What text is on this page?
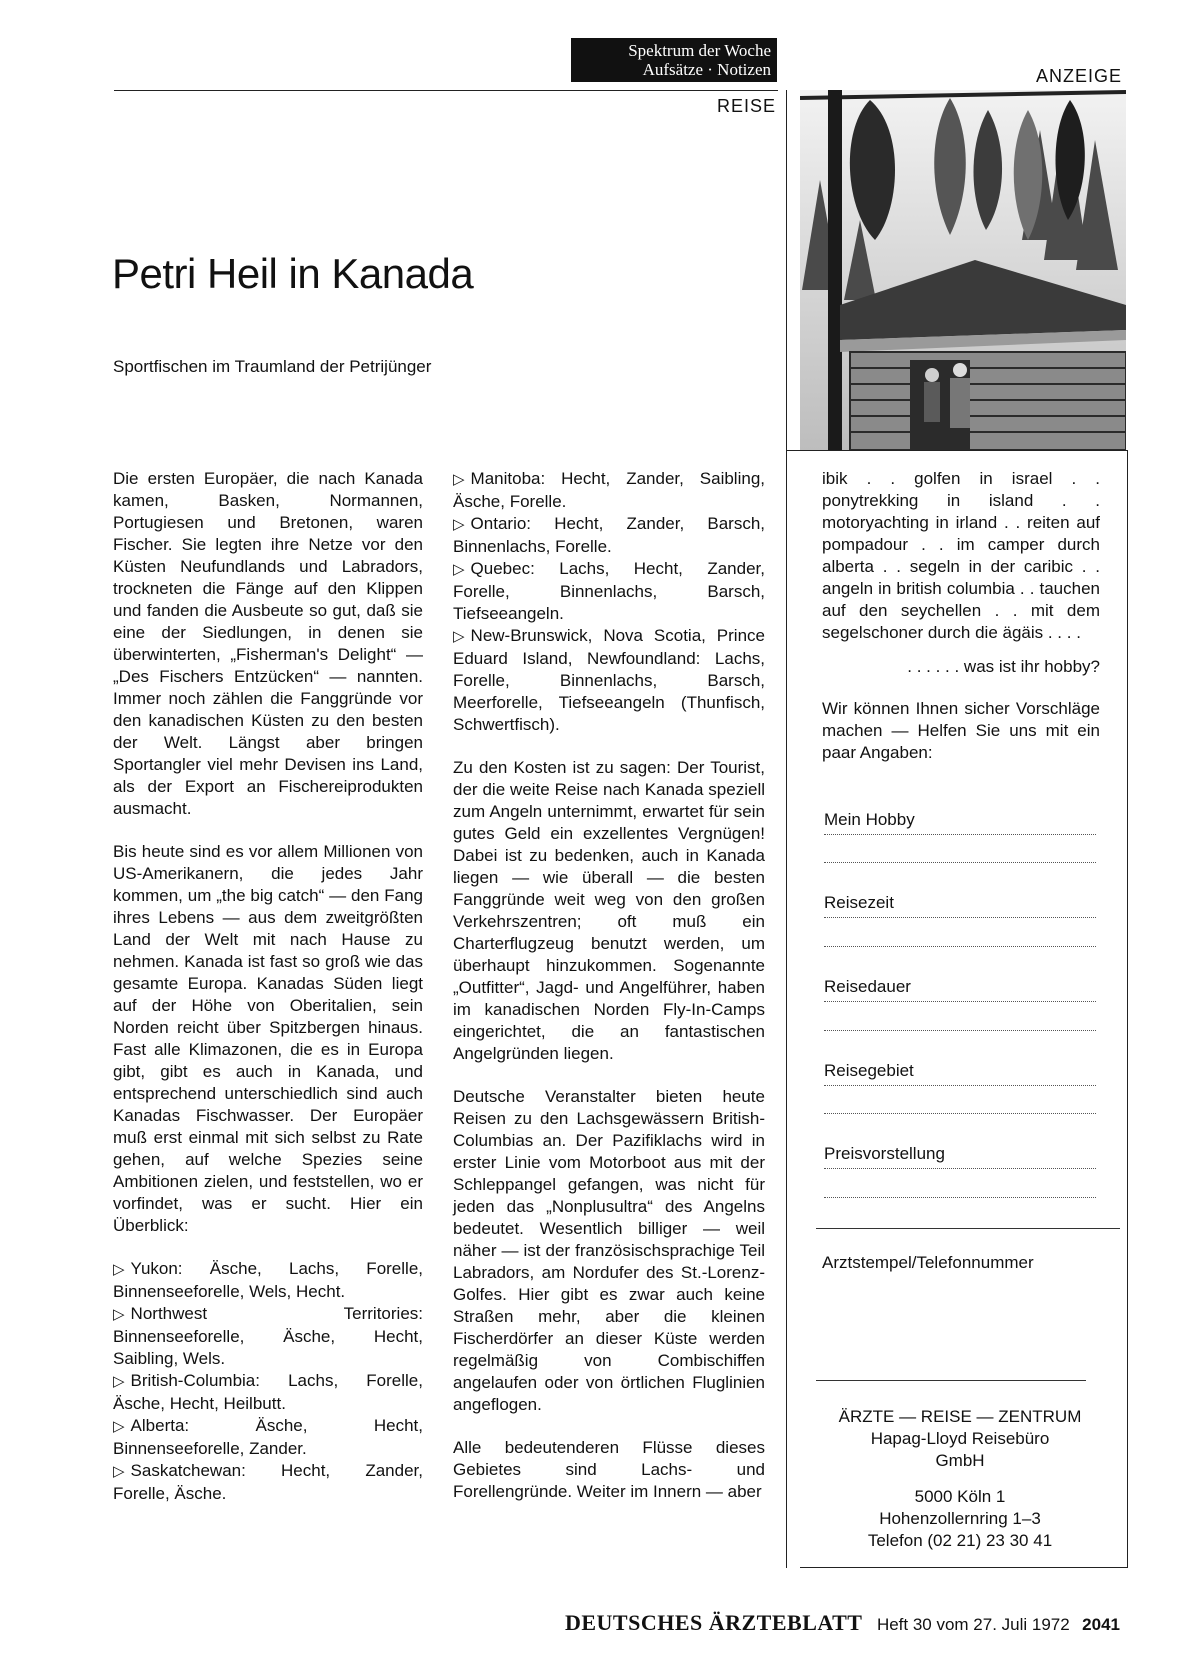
Spektrum der Woche
Aufsätze · Notizen
REISE
ANZEIGE
Petri Heil in Kanada
Sportfischen im Traumland der Petrijünger

Die ersten Europäer, die nach Kanada kamen, Basken, Normannen, Portugiesen und Bretonen, waren Fischer. Sie legten ihre Netze vor den Küsten Neufundlands und Labradors, trockneten die Fänge auf den Klippen und fanden die Ausbeute so gut, daß sie eine der Siedlungen, in denen sie überwinterten, „Fisherman's Delight“ — „Des Fischers Entzücken“ — nannten. Immer noch zählen die Fanggründe vor den kanadischen Küsten zu den besten der Welt. Längst aber bringen Sportangler viel mehr Devisen ins Land, als der Export an Fischereiprodukten ausmacht.

Bis heute sind es vor allem Millionen von US-Amerikanern, die jedes Jahr kommen, um „the big catch“ — den Fang ihres Lebens — aus dem zweitgrößten Land der Welt mit nach Hause zu nehmen. Kanada ist fast so groß wie das gesamte Europa. Kanadas Süden liegt auf der Höhe von Oberitalien, sein Norden reicht über Spitzbergen hinaus. Fast alle Klimazonen, die es in Europa gibt, gibt es auch in Kanada, und entsprechend unterschiedlich sind auch Kanadas Fischwasser. Der Europäer muß erst einmal mit sich selbst zu Rate gehen, auf welche Spezies seine Ambitionen zielen, und feststellen, wo er vorfindet, was er sucht. Hier ein Überblick:

▷ Yukon: Äsche, Lachs, Forelle, Binnenseeforelle, Wels, Hecht.
▷ Northwest Territories: Binnenseeforelle, Äsche, Hecht, Saibling, Wels.
▷ British-Columbia: Lachs, Forelle, Äsche, Hecht, Heilbutt.
▷ Alberta: Äsche, Hecht, Binnenseeforelle, Zander.
▷ Saskatchewan: Hecht, Zander, Forelle, Äsche.
▷ Manitoba: Hecht, Zander, Saibling, Äsche, Forelle.
▷ Ontario: Hecht, Zander, Barsch, Binnenlachs, Forelle.
▷ Quebec: Lachs, Hecht, Zander, Forelle, Binnenlachs, Barsch, Tiefseeangeln.
▷ New-Brunswick, Nova Scotia, Prince Eduard Island, Newfoundland: Lachs, Forelle, Binnenlachs, Barsch, Meerforelle, Tiefseeangeln (Thunfisch, Schwertfisch).

Zu den Kosten ist zu sagen: Der Tourist, der die weite Reise nach Kanada speziell zum Angeln unternimmt, erwartet für sein gutes Geld ein exzellentes Vergnügen! Dabei ist zu bedenken, auch in Kanada liegen — wie überall — die besten Fanggründe weit weg von den großen Verkehrszentren; oft muß ein Charterflugzeug benutzt werden, um überhaupt hinzukommen. Sogenannte „Outfitter“, Jagd- und Angelführer, haben im kanadischen Norden Fly-In-Camps eingerichtet, die an fantastischen Angelgründen liegen.

Deutsche Veranstalter bieten heute Reisen zu den Lachsgewässern British-Columbias an. Der Pazifiklachs wird in erster Linie vom Motorboot aus mit der Schleppangel gefangen, was nicht für jeden das „Nonplusultra“ des Angelns bedeutet. Wesentlich billiger — weil näher — ist der französischsprachige Teil Labradors, am Nordufer des St.-Lorenz-Golfes. Hier gibt es zwar auch keine Straßen mehr, aber die kleinen Fischerdörfer an dieser Küste werden regelmäßig von Combischiffen angelaufen oder von örtlichen Fluglinien angeflogen.

Alle bedeutenderen Flüsse dieses Gebietes sind Lachs- und Forellengründe. Weiter im Innern — aber

ibik . . golfen in israel . . ponytrekking in island . . motoryachting in irland . . reiten auf pompadour . . im camper durch alberta . . segeln in der caribic . . angeln in british columbia . . tauchen auf den seychellen . . mit dem segelschoner durch die ägäis . . . .

. . . . . . was ist ihr hobby?

Wir können Ihnen sicher Vorschläge machen — Helfen Sie uns mit ein paar Angaben:

Mein Hobby
Reisezeit
Reisedauer
Reisegebiet
Preisvorstellung
Arztstempel/Telefonnummer
ÄRZTE — REISE — ZENTRUM
Hapag-Lloyd Reisebüro
GmbH
5000 Köln 1
Hohenzollernring 1–3
Telefon (02 21) 23 30 41
DEUTSCHES ÄRZTEBLATT Heft 30 vom 27. Juli 1972 2041
